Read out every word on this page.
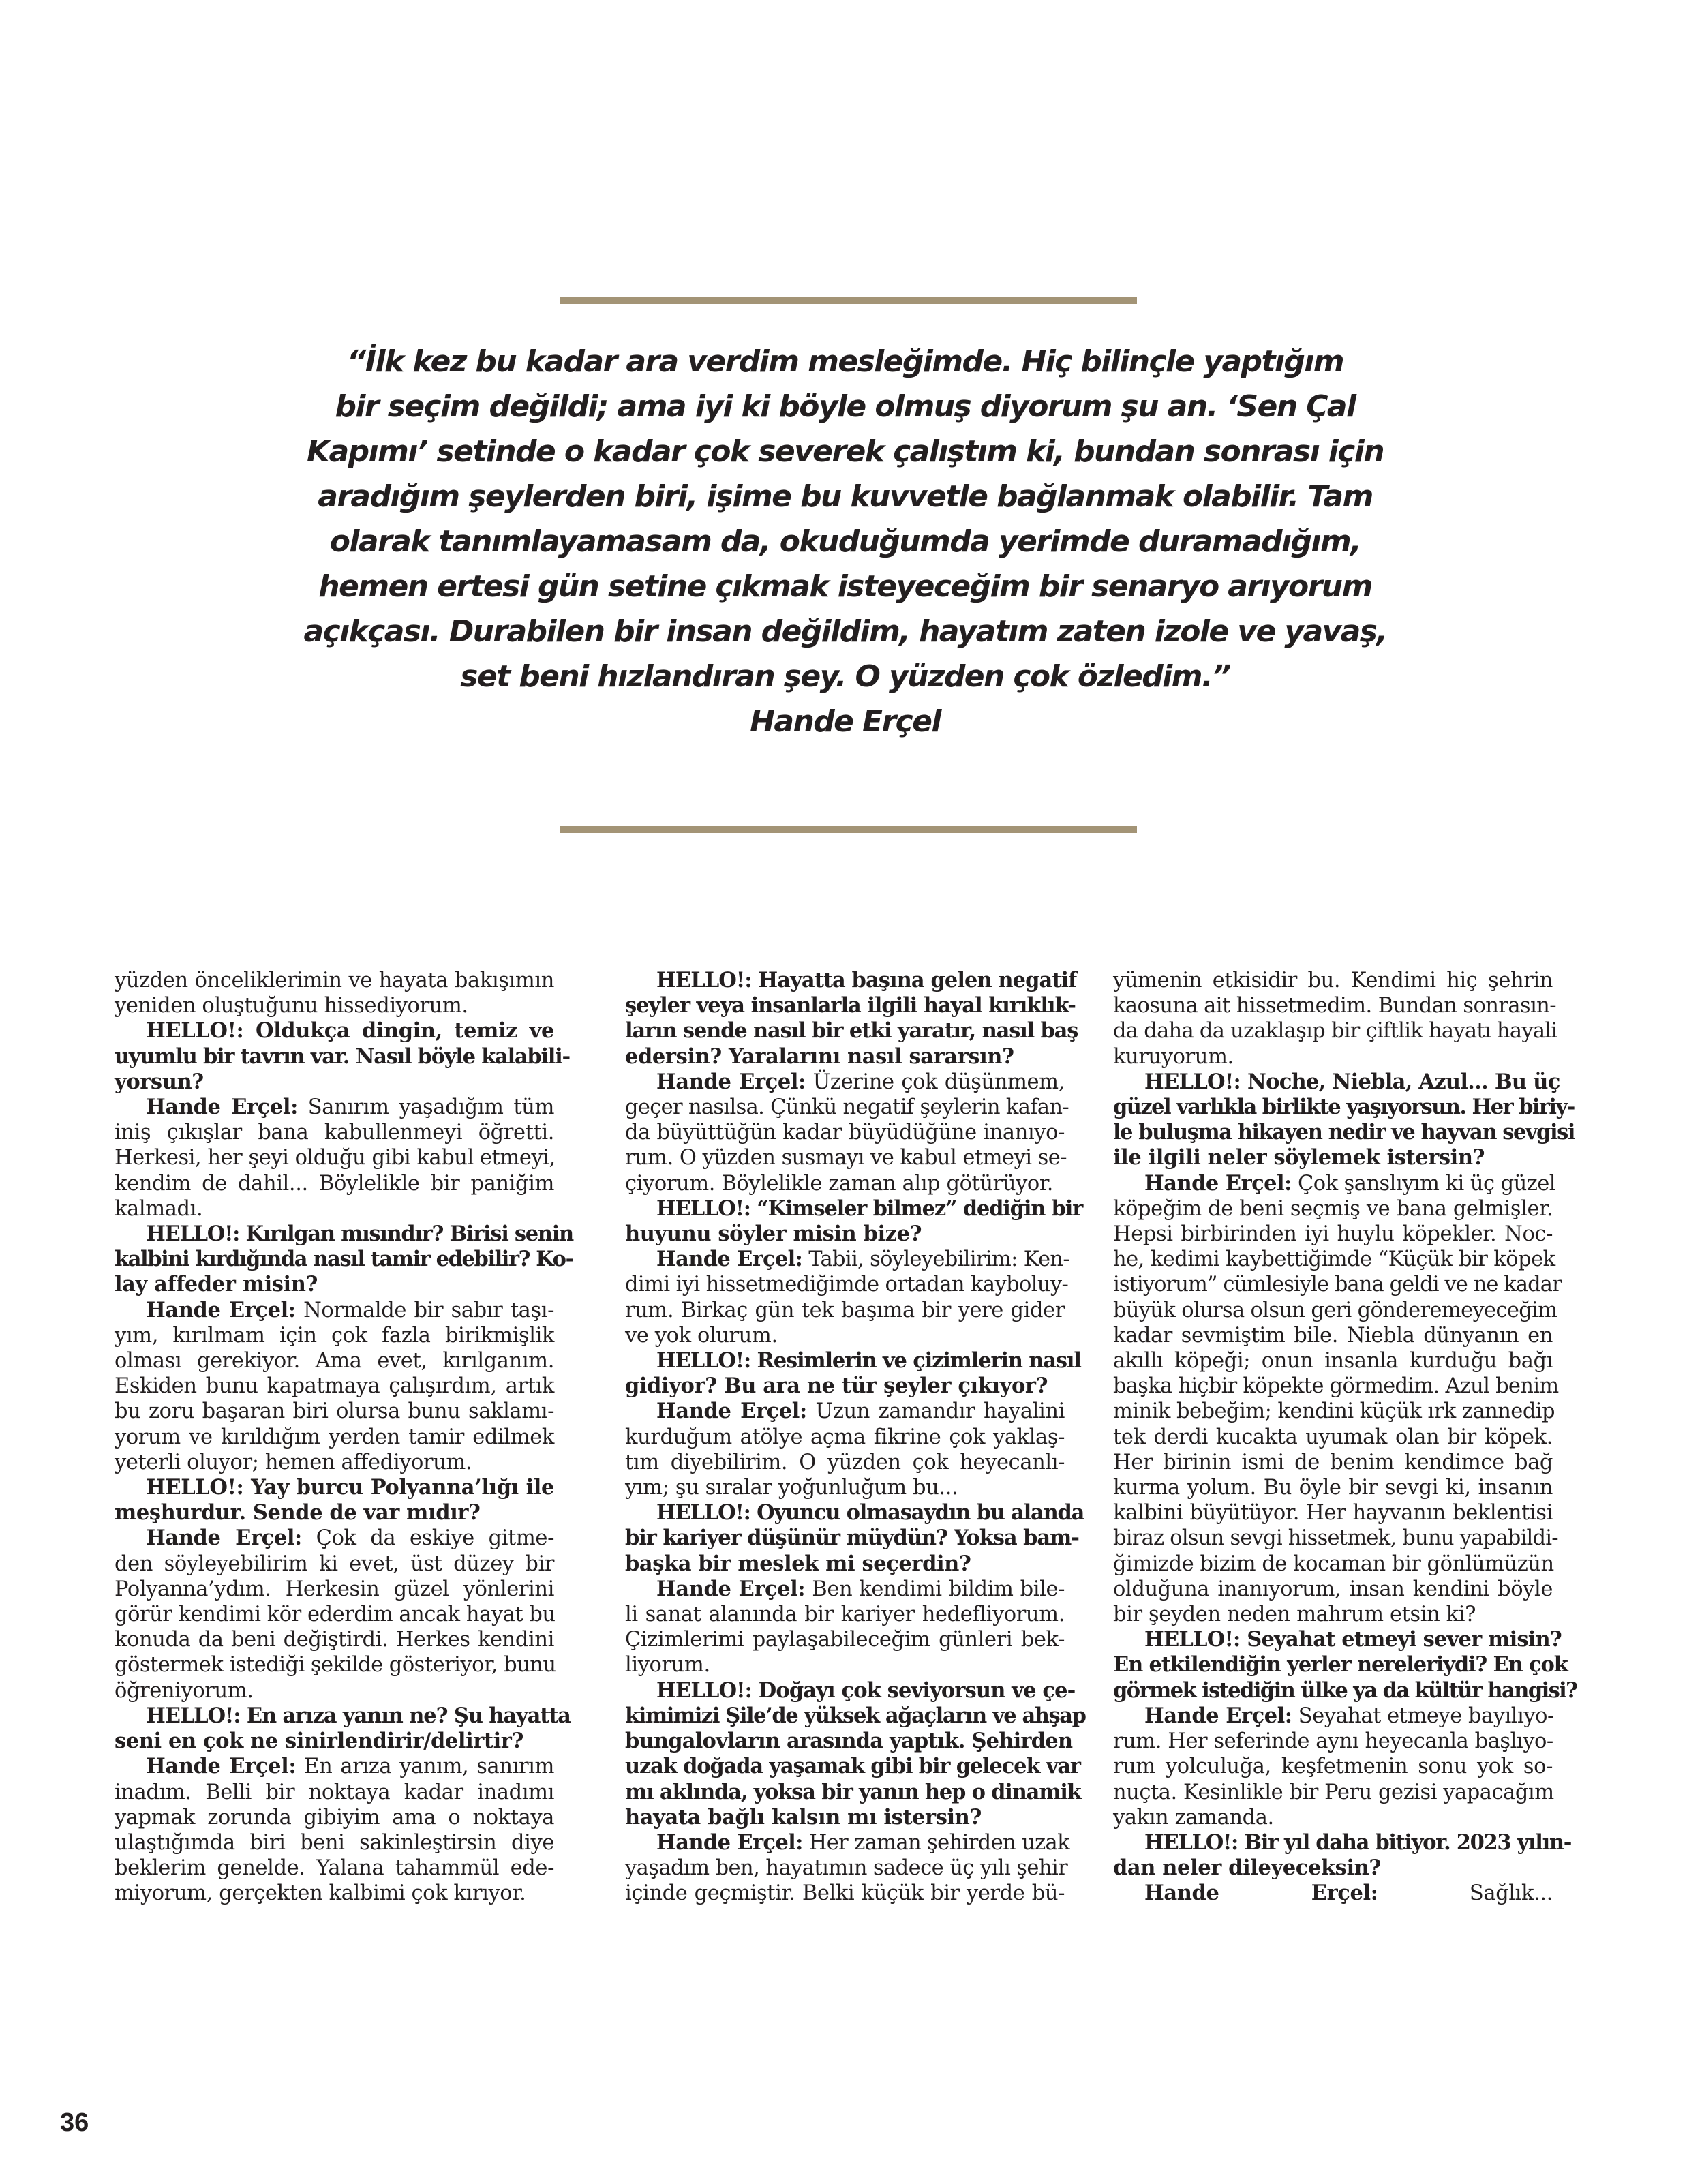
“İlk kez bu kadar ara verdim mesleğimde. Hiç bilinçle yaptığım
bir seçim değildi; ama iyi ki böyle olmuş diyorum şu an. ‘Sen Çal
Kapımı’ setinde o kadar çok severek çalıştım ki, bundan sonrası için
aradığım şeylerden biri, işime bu kuvvetle bağlanmak olabilir. Tam
olarak tanımlayamasam da, okuduğumda yerimde duramadığım,
hemen ertesi gün setine çıkmak isteyeceğim bir senaryo arıyorum
açıkçası. Durabilen bir insan değildim, hayatım zaten izole ve yavaş,
set beni hızlandıran şey. O yüzden çok özledim.”
Hande Erçel
yüzden önceliklerimin ve hayata bakışımın
yeniden oluştuğunu hissediyorum.
HELLO!: Oldukça dingin, temiz ve
uyumlu bir tavrın var. Nasıl böyle kalabili-
yorsun?
Hande Erçel: Sanırım yaşadığım tüm
iniş çıkışlar bana kabullenmeyi öğretti.
Herkesi, her şeyi olduğu gibi kabul etmeyi,
kendim de dahil... Böylelikle bir paniğim
kalmadı.
HELLO!: Kırılgan mısındır? Birisi senin
kalbini kırdığında nasıl tamir edebilir? Ko-
lay affeder misin?
Hande Erçel: Normalde bir sabır taşı-
yım, kırılmam için çok fazla birikmişlik
olması gerekiyor. Ama evet, kırılganım.
Eskiden bunu kapatmaya çalışırdım, artık
bu zoru başaran biri olursa bunu saklamı-
yorum ve kırıldığım yerden tamir edilmek
yeterli oluyor; hemen affediyorum.
HELLO!: Yay burcu Polyanna’lığı ile
meşhurdur. Sende de var mıdır?
Hande Erçel: Çok da eskiye gitme-
den söyleyebilirim ki evet, üst düzey bir
Polyanna’ydım. Herkesin güzel yönlerini
görür kendimi kör ederdim ancak hayat bu
konuda da beni değiştirdi. Herkes kendini
göstermek istediği şekilde gösteriyor, bunu
öğreniyorum.
HELLO!: En arıza yanın ne? Şu hayatta
seni en çok ne sinirlendirir/delirtir?
Hande Erçel: En arıza yanım, sanırım
inadım. Belli bir noktaya kadar inadımı
yapmak zorunda gibiyim ama o noktaya
ulaştığımda biri beni sakinleştirsin diye
beklerim genelde. Yalana tahammül ede-
miyorum, gerçekten kalbimi çok kırıyor.
HELLO!: Hayatta başına gelen negatif
şeyler veya insanlarla ilgili hayal kırıklık-
ların sende nasıl bir etki yaratır, nasıl baş
edersin? Yaralarını nasıl sararsın?
Hande Erçel: Üzerine çok düşünmem,
geçer nasılsa. Çünkü negatif şeylerin kafan-
da büyüttüğün kadar büyüdüğüne inanıyo-
rum. O yüzden susmayı ve kabul etmeyi se-
çiyorum. Böylelikle zaman alıp götürüyor.
HELLO!: “Kimseler bilmez” dediğin bir
huyunu söyler misin bize?
Hande Erçel: Tabii, söyleyebilirim: Ken-
dimi iyi hissetmediğimde ortadan kayboluy-
rum. Birkaç gün tek başıma bir yere gider
ve yok olurum.
HELLO!: Resimlerin ve çizimlerin nasıl
gidiyor? Bu ara ne tür şeyler çıkıyor?
Hande Erçel: Uzun zamandır hayalini
kurduğum atölye açma fikrine çok yaklaş-
tım diyebilirim. O yüzden çok heyecanlı-
yım; şu sıralar yoğunluğum bu...
HELLO!: Oyuncu olmasaydın bu alanda
bir kariyer düşünür müydün? Yoksa bam-
başka bir meslek mi seçerdin?
Hande Erçel: Ben kendimi bildim bile-
li sanat alanında bir kariyer hedefliyorum.
Çizimlerimi paylaşabileceğim günleri bek-
liyorum.
HELLO!: Doğayı çok seviyorsun ve çe-
kimimizi Şile’de yüksek ağaçların ve ahşap
bungalovların arasında yaptık. Şehirden
uzak doğada yaşamak gibi bir gelecek var
mı aklında, yoksa bir yanın hep o dinamik
hayata bağlı kalsın mı istersin?
Hande Erçel: Her zaman şehirden uzak
yaşadım ben, hayatımın sadece üç yılı şehir
içinde geçmiştir. Belki küçük bir yerde bü-
yümenin etkisidir bu. Kendimi hiç şehrin
kaosuna ait hissetmedim. Bundan sonrasın-
da daha da uzaklaşıp bir çiftlik hayatı hayali
kuruyorum.
HELLO!: Noche, Niebla, Azul… Bu üç
güzel varlıkla birlikte yaşıyorsun. Her biriy-
le buluşma hikayen nedir ve hayvan sevgisi
ile ilgili neler söylemek istersin?
Hande Erçel: Çok şanslıyım ki üç güzel
köpeğim de beni seçmiş ve bana gelmişler.
Hepsi birbirinden iyi huylu köpekler. Noc-
he, kedimi kaybettiğimde “Küçük bir köpek
istiyorum” cümlesiyle bana geldi ve ne kadar
büyük olursa olsun geri gönderemeyeceğim
kadar sevmiştim bile. Niebla dünyanın en
akıllı köpeği; onun insanla kurduğu bağı
başka hiçbir köpekte görmedim. Azul benim
minik bebeğim; kendini küçük ırk zannedip
tek derdi kucakta uyumak olan bir köpek.
Her birinin ismi de benim kendimce bağ
kurma yolum. Bu öyle bir sevgi ki, insanın
kalbini büyütüyor. Her hayvanın beklentisi
biraz olsun sevgi hissetmek, bunu yapabildi-
ğimizde bizim de kocaman bir gönlümüzün
olduğuna inanıyorum, insan kendini böyle
bir şeyden neden mahrum etsin ki?
HELLO!: Seyahat etmeyi sever misin?
En etkilendiğin yerler nereleriydi? En çok
görmek istediğin ülke ya da kültür hangisi?
Hande Erçel: Seyahat etmeye bayılıyo-
rum. Her seferinde aynı heyecanla başlıyo-
rum yolculuğa, keşfetmenin sonu yok so-
nuçta. Kesinlikle bir Peru gezisi yapacağım
yakın zamanda.
HELLO!: Bir yıl daha bitiyor. 2023 yılın-
dan neler dileyeceksin?
Hande Erçel: Sağlık...
36
